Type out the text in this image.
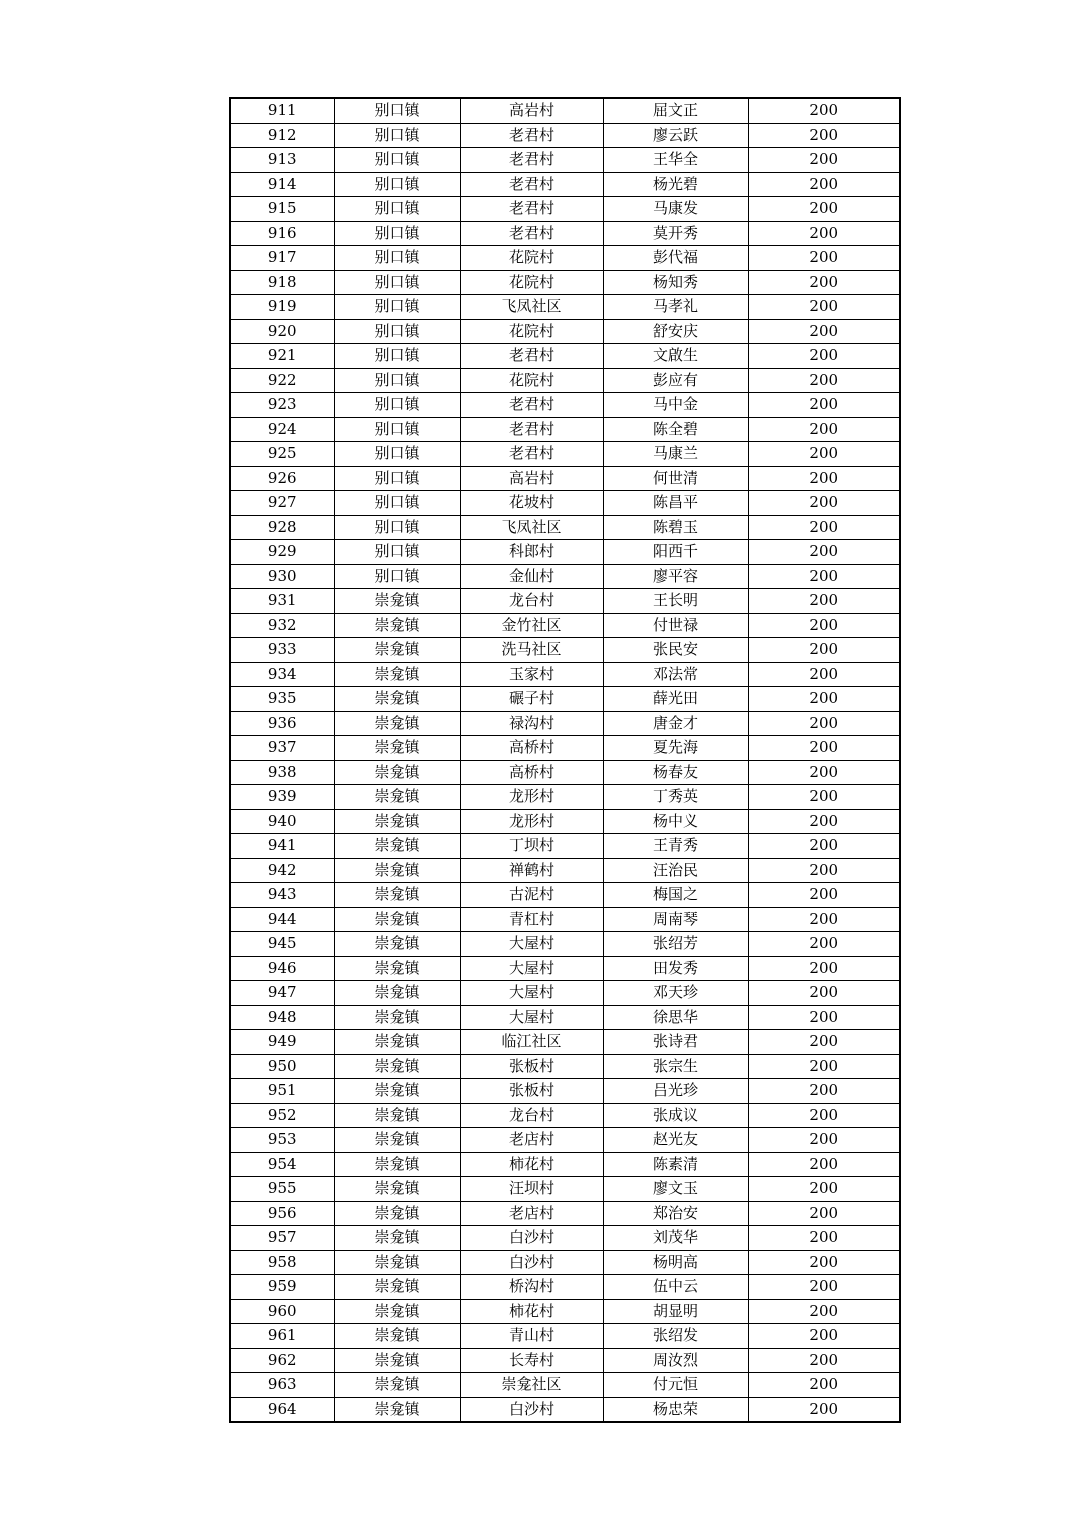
911	别口镇	高岩村	屈文正	200
912	别口镇	老君村	廖云跃	200
913	别口镇	老君村	王华全	200
914	别口镇	老君村	杨光碧	200
915	别口镇	老君村	马康发	200
916	别口镇	老君村	莫开秀	200
917	别口镇	花院村	彭代福	200
918	别口镇	花院村	杨知秀	200
919	别口镇	飞凤社区	马孝礼	200
920	别口镇	花院村	舒安庆	200
921	别口镇	老君村	文啟生	200
922	别口镇	花院村	彭应有	200
923	别口镇	老君村	马中金	200
924	别口镇	老君村	陈全碧	200
925	别口镇	老君村	马康兰	200
926	别口镇	高岩村	何世清	200
927	别口镇	花坡村	陈昌平	200
928	别口镇	飞凤社区	陈碧玉	200
929	别口镇	科郎村	阳西千	200
930	别口镇	金仙村	廖平容	200
931	崇龛镇	龙台村	王长明	200
932	崇龛镇	金竹社区	付世禄	200
933	崇龛镇	洗马社区	张民安	200
934	崇龛镇	玉家村	邓法常	200
935	崇龛镇	碾子村	薛光田	200
936	崇龛镇	禄沟村	唐金才	200
937	崇龛镇	高桥村	夏先海	200
938	崇龛镇	高桥村	杨春友	200
939	崇龛镇	龙形村	丁秀英	200
940	崇龛镇	龙形村	杨中义	200
941	崇龛镇	丁坝村	王青秀	200
942	崇龛镇	禅鹤村	汪治民	200
943	崇龛镇	古泥村	梅国之	200
944	崇龛镇	青杠村	周南琴	200
945	崇龛镇	大屋村	张绍芳	200
946	崇龛镇	大屋村	田发秀	200
947	崇龛镇	大屋村	邓天珍	200
948	崇龛镇	大屋村	徐思华	200
949	崇龛镇	临江社区	张诗君	200
950	崇龛镇	张板村	张宗生	200
951	崇龛镇	张板村	吕光珍	200
952	崇龛镇	龙台村	张成议	200
953	崇龛镇	老店村	赵光友	200
954	崇龛镇	柿花村	陈素清	200
955	崇龛镇	汪坝村	廖文玉	200
956	崇龛镇	老店村	郑治安	200
957	崇龛镇	白沙村	刘茂华	200
958	崇龛镇	白沙村	杨明高	200
959	崇龛镇	桥沟村	伍中云	200
960	崇龛镇	柿花村	胡显明	200
961	崇龛镇	青山村	张绍发	200
962	崇龛镇	长寿村	周汝烈	200
963	崇龛镇	崇龛社区	付元恒	200
964	崇龛镇	白沙村	杨忠荣	200
